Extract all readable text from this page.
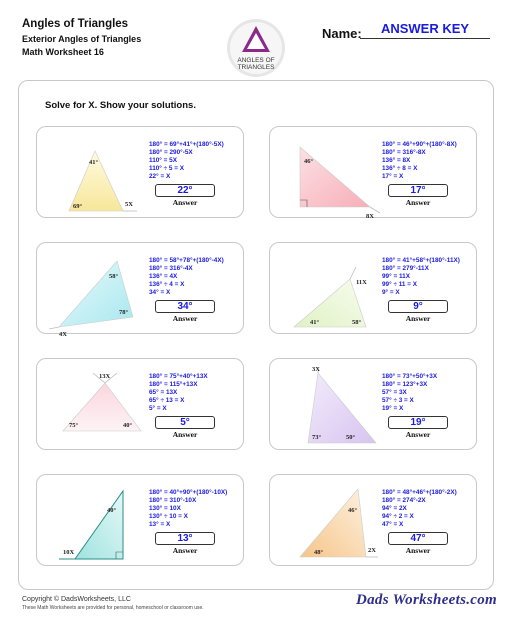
Angles of Triangles
Exterior Angles of Triangles
Math Worksheet 16
ANGLES OF
TRIANGLES
Name:	ANSWER KEY
Solve for X. Show your solutions.
41°
69°	5X
180° = 69°+41°+(180°-5X)
180° = 290°-5X
110° = 5X
110° ÷ 5 = X
22° = X
22°
Answer
46°
8X
180° = 46°+90°+(180°-8X)
180° = 316°-8X
136° = 8X
136° ÷ 8 = X
17° = X
17°
Answer
58°
78°
4X
180° = 58°+78°+(180°-4X)
180° = 316°-4X
136° = 4X
136° ÷ 4 = X
34° = X
34°
Answer
11X
41°	58°
180° = 41°+58°+(180°-11X)
180° = 279°-11X
99° = 11X
99° ÷ 11 = X
9° = X
9°
Answer
13X
75°	40°
180° = 75°+40°+13X
180° = 115°+13X
65° = 13X
65° ÷ 13 = X
5° = X
5°
Answer
3X
73°	50°
180° = 73°+50°+3X
180° = 123°+3X
57° = 3X
57° ÷ 3 = X
19° = X
19°
Answer
40°
10X
180° = 40°+90°+(180°-10X)
180° = 310°-10X
130° = 10X
130° ÷ 10 = X
13° = X
13°
Answer
46°
48°	2X
180° = 48°+46°+(180°-2X)
180° = 274°-2X
94° = 2X
94° ÷ 2 = X
47° = X
47°
Answer
Copyright © DadsWorksheets, LLC
These Math Worksheets are provided for personal, homeschool or classroom use.	Dads Worksheets.com
